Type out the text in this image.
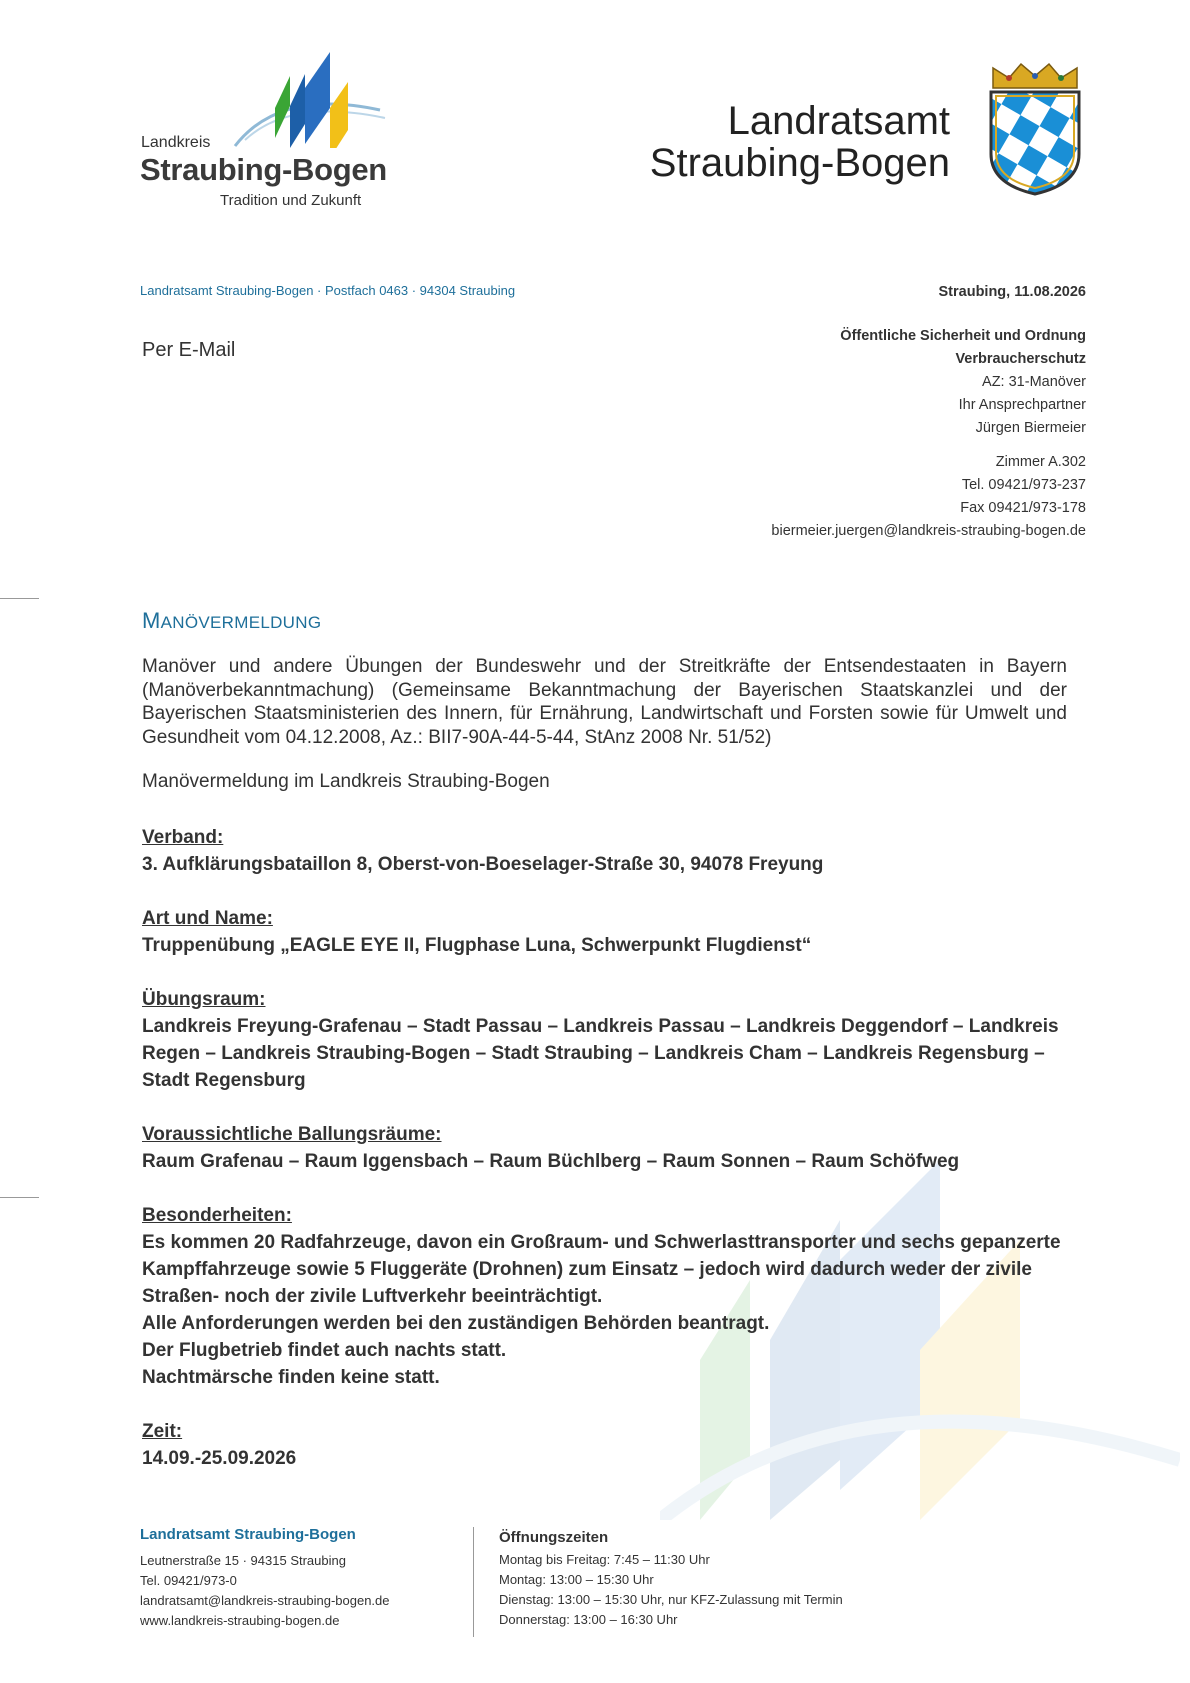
Landkreis
Straubing-Bogen
Tradition und Zukunft
Landratsamt
Straubing-Bogen
Landratsamt Straubing-Bogen · Postfach 0463 · 94304 Straubing	Straubing, 11.08.2026
Per E-Mail
Öffentliche Sicherheit und Ordnung
Verbraucherschutz
AZ: 31-Manöver
Ihr Ansprechpartner
Jürgen Biermeier
Zimmer A.302
Tel. 09421/973-237
Fax 09421/973-178
biermeier.juergen@landkreis-straubing-bogen.de
MANÖVERMELDUNG
Manöver und andere Übungen der Bundeswehr und der Streitkräfte der Entsendestaaten in Bayern (Manöverbekanntmachung) (Gemeinsame Bekanntmachung der Bayerischen Staatskanzlei und der Bayerischen Staatsministerien des Innern, für Ernährung, Landwirtschaft und Forsten sowie für Umwelt und Gesundheit vom 04.12.2008, Az.: BII7-90A-44-5-44, StAnz 2008 Nr. 51/52)
Manövermeldung im Landkreis Straubing-Bogen
Verband:
3. Aufklärungsbataillon 8, Oberst-von-Boeselager-Straße 30, 94078 Freyung
Art und Name:
Truppenübung „EAGLE EYE II, Flugphase Luna, Schwerpunkt Flugdienst“
Übungsraum:
Landkreis Freyung-Grafenau – Stadt Passau – Landkreis Passau – Landkreis Deggendorf – Landkreis Regen – Landkreis Straubing-Bogen – Stadt Straubing – Landkreis Cham – Landkreis Regensburg – Stadt Regensburg
Voraussichtliche Ballungsräume:
Raum Grafenau – Raum Iggensbach – Raum Büchlberg – Raum Sonnen – Raum Schöfweg
Besonderheiten:
Es kommen 20 Radfahrzeuge, davon ein Großraum- und Schwerlasttransporter und sechs gepanzerte Kampffahrzeuge sowie 5 Fluggeräte (Drohnen) zum Einsatz – jedoch wird dadurch weder der zivile Straßen- noch der zivile Luftverkehr beeinträchtigt.
Alle Anforderungen werden bei den zuständigen Behörden beantragt.
Der Flugbetrieb findet auch nachts statt.
Nachtmärsche finden keine statt.
Zeit:
14.09.-25.09.2026
Landratsamt Straubing-Bogen
Leutnerstraße 15 · 94315 Straubing
Tel. 09421/973-0
landratsamt@landkreis-straubing-bogen.de
www.landkreis-straubing-bogen.de
Öffnungszeiten
Montag bis Freitag: 7:45 – 11:30 Uhr
Montag: 13:00 – 15:30 Uhr
Dienstag: 13:00 – 15:30 Uhr, nur KFZ-Zulassung mit Termin
Donnerstag: 13:00 – 16:30 Uhr
